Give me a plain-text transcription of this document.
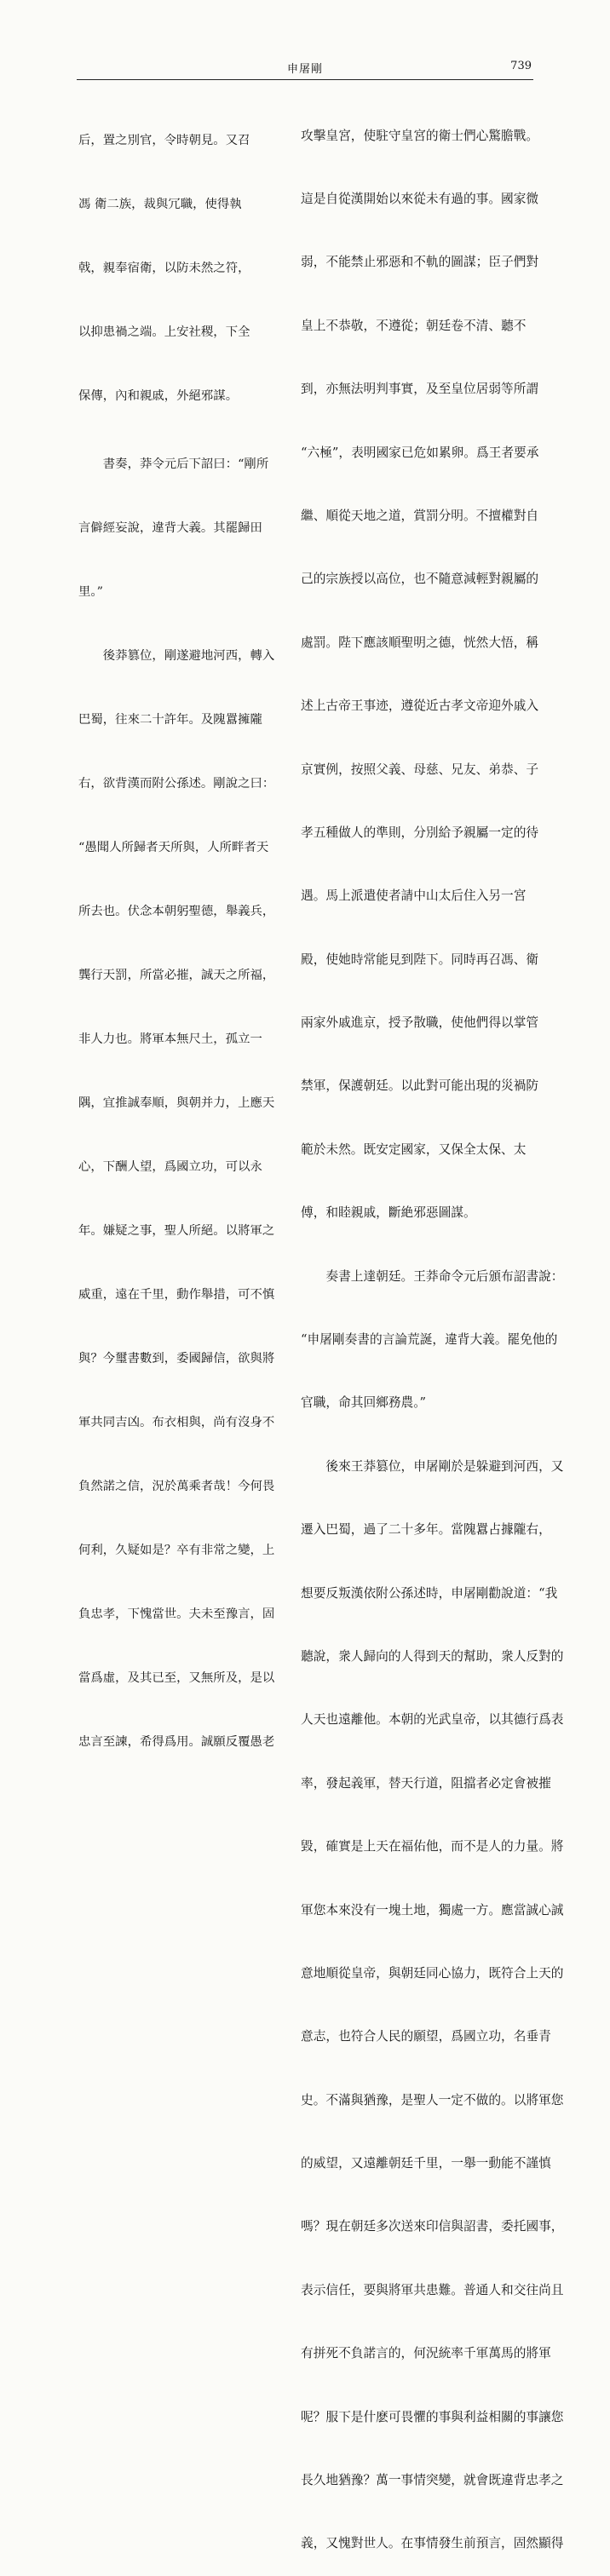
申屠剛	739

后，置之別官，令時朝見。又召

馮 衛二族，裁與冗職，使得執

戟，親奉宿衛，以防未然之符，

以抑患禍之端。上安社稷，下全

保傳，內和親戚，外絕邪謀。

　　書奏，莽令元后下詔曰：“剛所

言僻經妄說，違背大義。其罷歸田

里。”

　　後莽篡位，剛遂避地河西，轉入

巴蜀，往來二十許年。及隗囂擁隴

右，欲背漢而附公孫述。剛說之曰：

“愚聞人所歸者天所與，人所畔者天

所去也。伏念本朝躬聖德，舉義兵，

龔行天罰，所當必摧，誠天之所福，

非人力也。將軍本無尺土，孤立一

隅，宜推誠奉順，與朝并力，上應天

心，下酬人望，爲國立功，可以永

年。嫌疑之事，聖人所絕。以將軍之

威重，遠在千里，動作舉措，可不慎

與？今璽書數到，委國歸信，欲與將

軍共同吉凶。布衣相與，尚有沒身不

負然諾之信，況於萬乘者哉！今何畏

何利，久疑如是？卒有非常之變，上

負忠孝，下愧當世。夫未至豫言，固

當爲虛，及其已至，又無所及，是以

忠言至諫，希得爲用。誠願反覆愚老

攻擊皇宮，使駐守皇宮的衛士們心驚膽戰。

這是自從漢開始以來從未有過的事。國家微

弱，不能禁止邪惡和不軌的圖謀；臣子們對

皇上不恭敬，不遵從；朝廷卷不清、聽不

到，亦無法明判事實，及至皇位居弱等所謂

“六極”，表明國家已危如累卵。爲王者要承

繼、順從天地之道，賞罰分明。不擅權對自

己的宗族授以高位，也不隨意減輕對親屬的

處罰。陛下應該順聖明之德，恍然大悟，稱

述上古帝王事迹，遵從近古孝文帝迎外戚入

京實例，按照父義、母慈、兄友、弟恭、子

孝五種做人的準則，分別給予親屬一定的待

遇。馬上派遣使者請中山太后住入另一宮

殿，使她時常能見到陛下。同時再召馮、衛

兩家外戚進京，授予散職，使他們得以掌管

禁軍，保護朝廷。以此對可能出現的災禍防

範於未然。既安定國家，又保全太保、太

傅，和睦親戚，斷絶邪惡圖謀。

　　奏書上達朝廷。王莽命令元后頒布詔書說：

“申屠剛奏書的言論荒誕，違背大義。罷免他的

官職，命其回鄉務農。”

　　後來王莽篡位，申屠剛於是躲避到河西，又

遷入巴蜀，過了二十多年。當隗囂占據隴右，

想要反叛漢依附公孫述時，申屠剛勸說道：“我

聽說，衆人歸向的人得到天的幫助，衆人反對的

人天也遠離他。本朝的光武皇帝，以其德行爲表

率，發起義軍，替天行道，阻擋者必定會被摧

毀，確實是上天在福佑他，而不是人的力量。將

軍您本來没有一塊土地，獨處一方。應當誠心誠

意地順從皇帝，與朝廷同心協力，既符合上天的

意志，也符合人民的願望，爲國立功，名垂青

史。不滿與猶豫，是聖人一定不做的。以將軍您

的威望，又遠離朝廷千里，一舉一動能不謹慎

嗎？現在朝廷多次送來印信與詔書，委托國事，

表示信任，要與將軍共患難。普通人和交往尚且

有拼死不負諾言的，何況統率千軍萬馬的將軍

呢？服下是什麽可畏懼的事與利益相關的事讓您

長久地猶豫？萬一事情突變，就會既違背忠孝之

義，又愧對世人。在事情發生前預言，固然顯得
